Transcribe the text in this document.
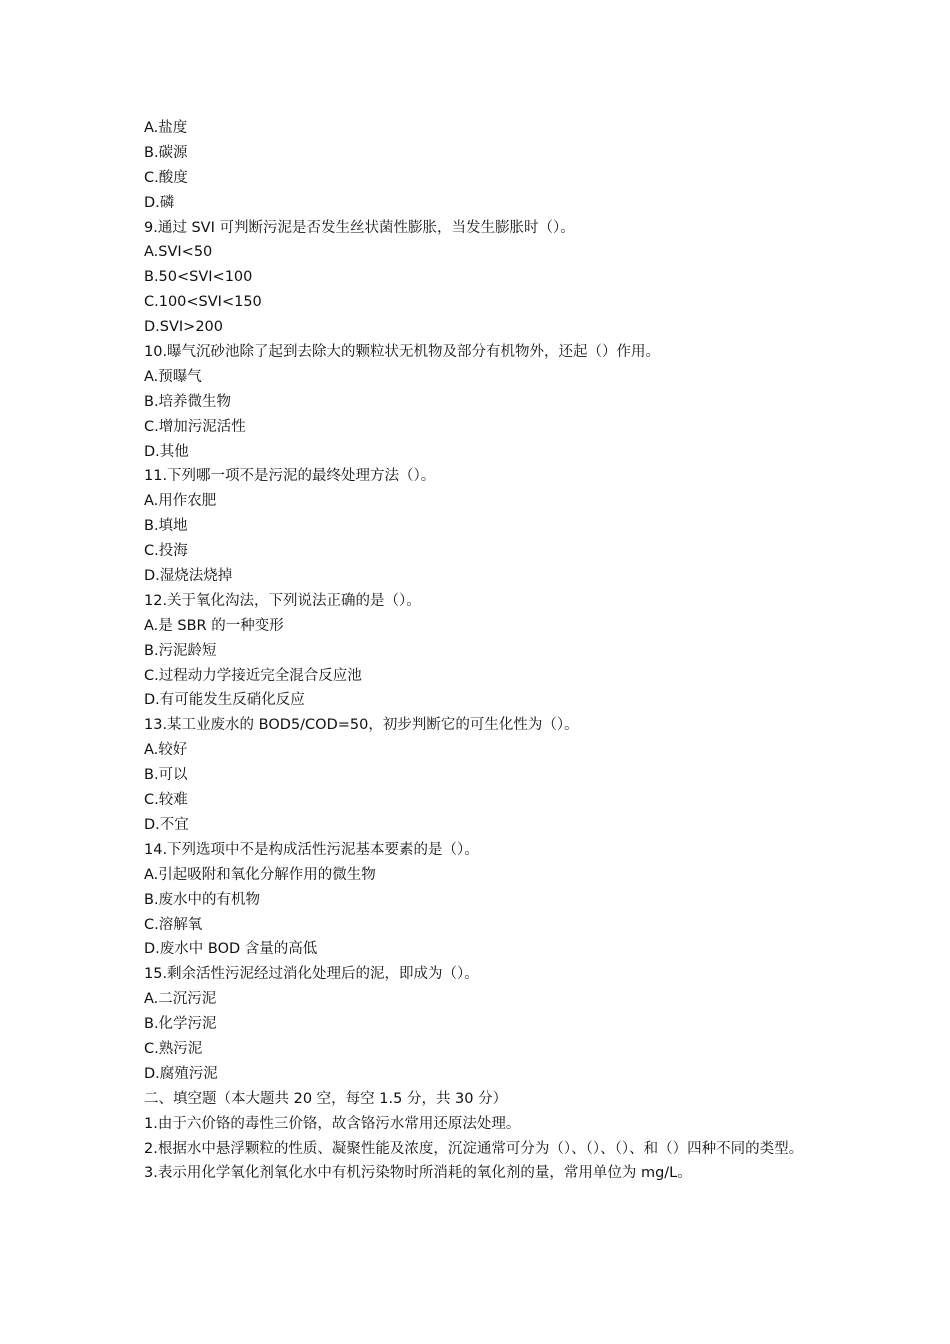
A.盐度
B.碳源
C.酸度
D.磷
9.通过 SVI 可判断污泥是否发生丝状菌性膨胀，当发生膨胀时（）。
A.SVI<50
B.50<SVI<100
C.100<SVI<150
D.SVI>200
10.曝气沉砂池除了起到去除大的颗粒状无机物及部分有机物外，还起（）作用。
A.预曝气
B.培养微生物
C.增加污泥活性
D.其他
11.下列哪一项不是污泥的最终处理方法（）。
A.用作农肥
B.填地
C.投海
D.湿烧法烧掉
12.关于氧化沟法，下列说法正确的是（）。
A.是 SBR 的一种变形
B.污泥龄短
C.过程动力学接近完全混合反应池
D.有可能发生反硝化反应
13.某工业废水的 BOD5/COD=50，初步判断它的可生化性为（）。
A.较好
B.可以
C.较难
D.不宜
14.下列选项中不是构成活性污泥基本要素的是（）。
A.引起吸附和氧化分解作用的微生物
B.废水中的有机物
C.溶解氧
D.废水中 BOD 含量的高低
15.剩余活性污泥经过消化处理后的泥，即成为（）。
A.二沉污泥
B.化学污泥
C.熟污泥
D.腐殖污泥
二、填空题（本大题共 20 空，每空 1.5 分，共 30 分）
1.由于六价铬的毒性三价铬，故含铬污水常用还原法处理。
2.根据水中悬浮颗粒的性质、凝聚性能及浓度，沉淀通常可分为（）、（）、（）、和（）四种不同的类型。
3.表示用化学氧化剂氧化水中有机污染物时所消耗的氧化剂的量，常用单位为 mg/L。
